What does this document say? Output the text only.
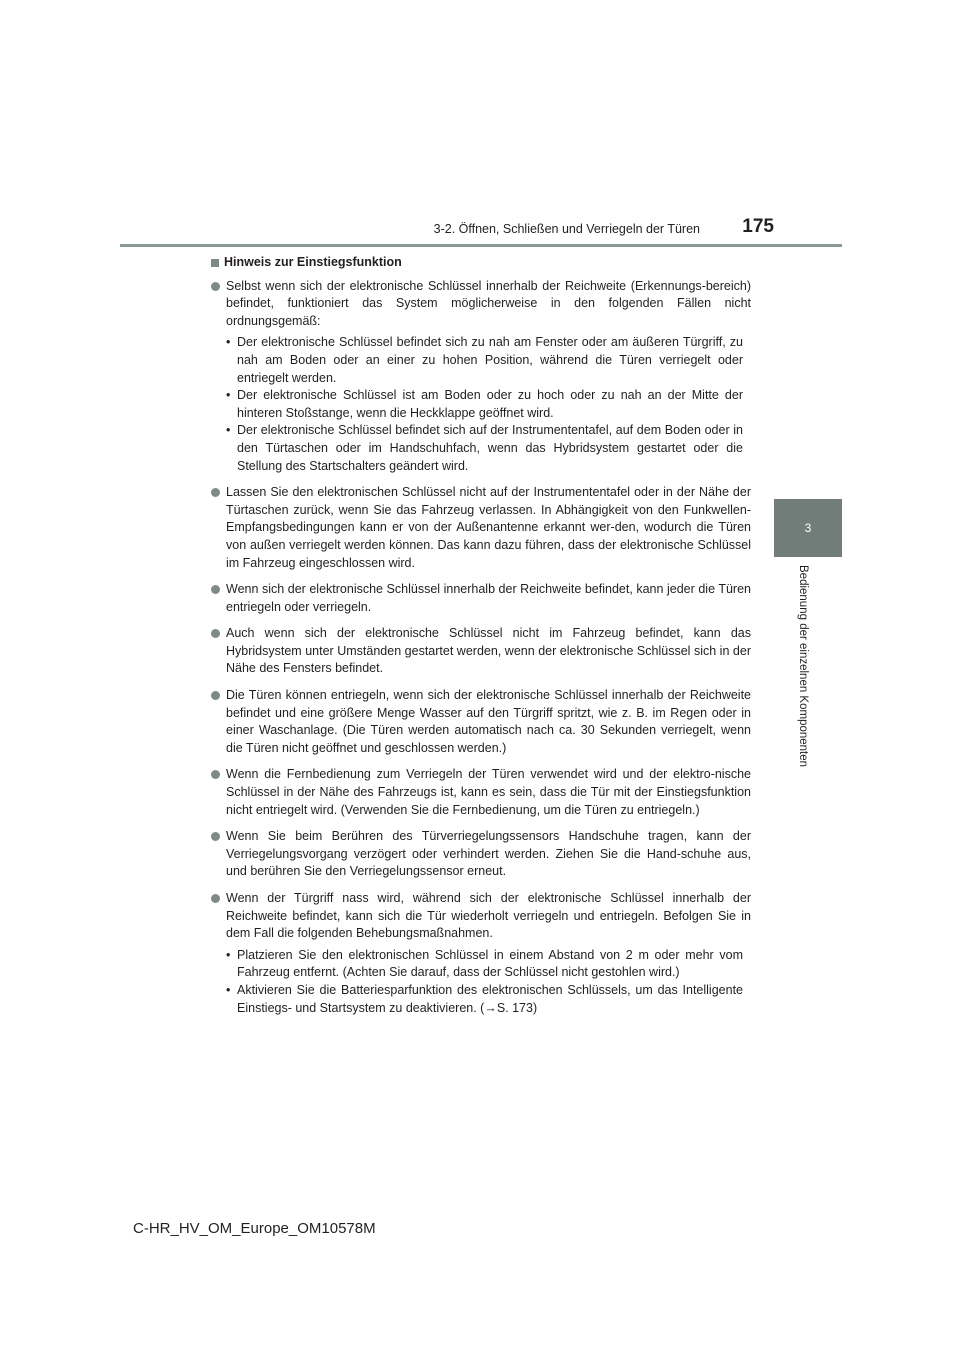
3-2. Öffnen, Schließen und Verriegeln der Türen	175
3
Bedienung der einzelnen Komponenten
Hinweis zur Einstiegsfunktion
Selbst wenn sich der elektronische Schlüssel innerhalb der Reichweite (Erkennungs-bereich) befindet, funktioniert das System möglicherweise in den folgenden Fällen nicht ordnungsgemäß:
• Der elektronische Schlüssel befindet sich zu nah am Fenster oder am äußeren Türgriff, zu nah am Boden oder an einer zu hohen Position, während die Türen verriegelt oder entriegelt werden.
• Der elektronische Schlüssel ist am Boden oder zu hoch oder zu nah an der Mitte der hinteren Stoßstange, wenn die Heckklappe geöffnet wird.
• Der elektronische Schlüssel befindet sich auf der Instrumententafel, auf dem Boden oder in den Türtaschen oder im Handschuhfach, wenn das Hybridsystem gestartet oder die Stellung des Startschalters geändert wird.
Lassen Sie den elektronischen Schlüssel nicht auf der Instrumententafel oder in der Nähe der Türtaschen zurück, wenn Sie das Fahrzeug verlassen. In Abhängigkeit von den Funkwellen-Empfangsbedingungen kann er von der Außenantenne erkannt wer-den, wodurch die Türen von außen verriegelt werden können. Das kann dazu führen, dass der elektronische Schlüssel im Fahrzeug eingeschlossen wird.
Wenn sich der elektronische Schlüssel innerhalb der Reichweite befindet, kann jeder die Türen entriegeln oder verriegeln.
Auch wenn sich der elektronische Schlüssel nicht im Fahrzeug befindet, kann das Hybridsystem unter Umständen gestartet werden, wenn der elektronische Schlüssel sich in der Nähe des Fensters befindet.
Die Türen können entriegeln, wenn sich der elektronische Schlüssel innerhalb der Reichweite befindet und eine größere Menge Wasser auf den Türgriff spritzt, wie z. B. im Regen oder in einer Waschanlage. (Die Türen werden automatisch nach ca. 30 Sekunden verriegelt, wenn die Türen nicht geöffnet und geschlossen werden.)
Wenn die Fernbedienung zum Verriegeln der Türen verwendet wird und der elektro-nische Schlüssel in der Nähe des Fahrzeugs ist, kann es sein, dass die Tür mit der Einstiegsfunktion nicht entriegelt wird. (Verwenden Sie die Fernbedienung, um die Türen zu entriegeln.)
Wenn Sie beim Berühren des Türverriegelungssensors Handschuhe tragen, kann der Verriegelungsvorgang verzögert oder verhindert werden. Ziehen Sie die Hand-schuhe aus, und berühren Sie den Verriegelungssensor erneut.
Wenn der Türgriff nass wird, während sich der elektronische Schlüssel innerhalb der Reichweite befindet, kann sich die Tür wiederholt verriegeln und entriegeln. Befolgen Sie in dem Fall die folgenden Behebungsmaßnahmen.
• Platzieren Sie den elektronischen Schlüssel in einem Abstand von 2 m oder mehr vom Fahrzeug entfernt. (Achten Sie darauf, dass der Schlüssel nicht gestohlen wird.)
• Aktivieren Sie die Batteriesparfunktion des elektronischen Schlüssels, um das Intelligente Einstiegs- und Startsystem zu deaktivieren. (→S. 173)
C-HR_HV_OM_Europe_OM10578M
